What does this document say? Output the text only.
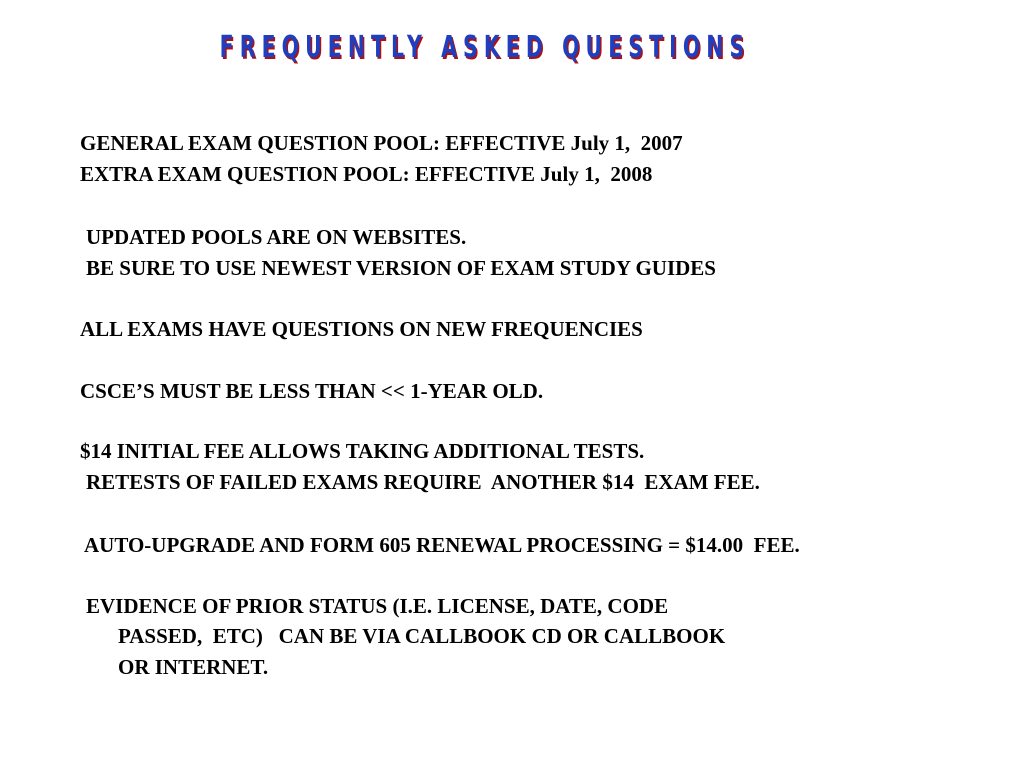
FREQUENTLY ASKED QUESTIONS
GENERAL EXAM QUESTION POOL: EFFECTIVE July 1,  2007
EXTRA EXAM QUESTION POOL: EFFECTIVE July 1,  2008
UPDATED POOLS ARE ON WEBSITES.
BE SURE TO USE NEWEST VERSION OF EXAM STUDY GUIDES
ALL EXAMS HAVE QUESTIONS ON NEW FREQUENCIES
CSCE’S MUST BE LESS THAN << 1-YEAR OLD.
$14 INITIAL FEE ALLOWS TAKING ADDITIONAL TESTS.
RETESTS OF FAILED EXAMS REQUIRE  ANOTHER $14  EXAM FEE.
AUTO-UPGRADE AND FORM 605 RENEWAL PROCESSING = $14.00  FEE.
EVIDENCE OF PRIOR STATUS (I.E. LICENSE, DATE, CODE
PASSED,  ETC)   CAN BE VIA CALLBOOK CD OR CALLBOOK
OR INTERNET.
